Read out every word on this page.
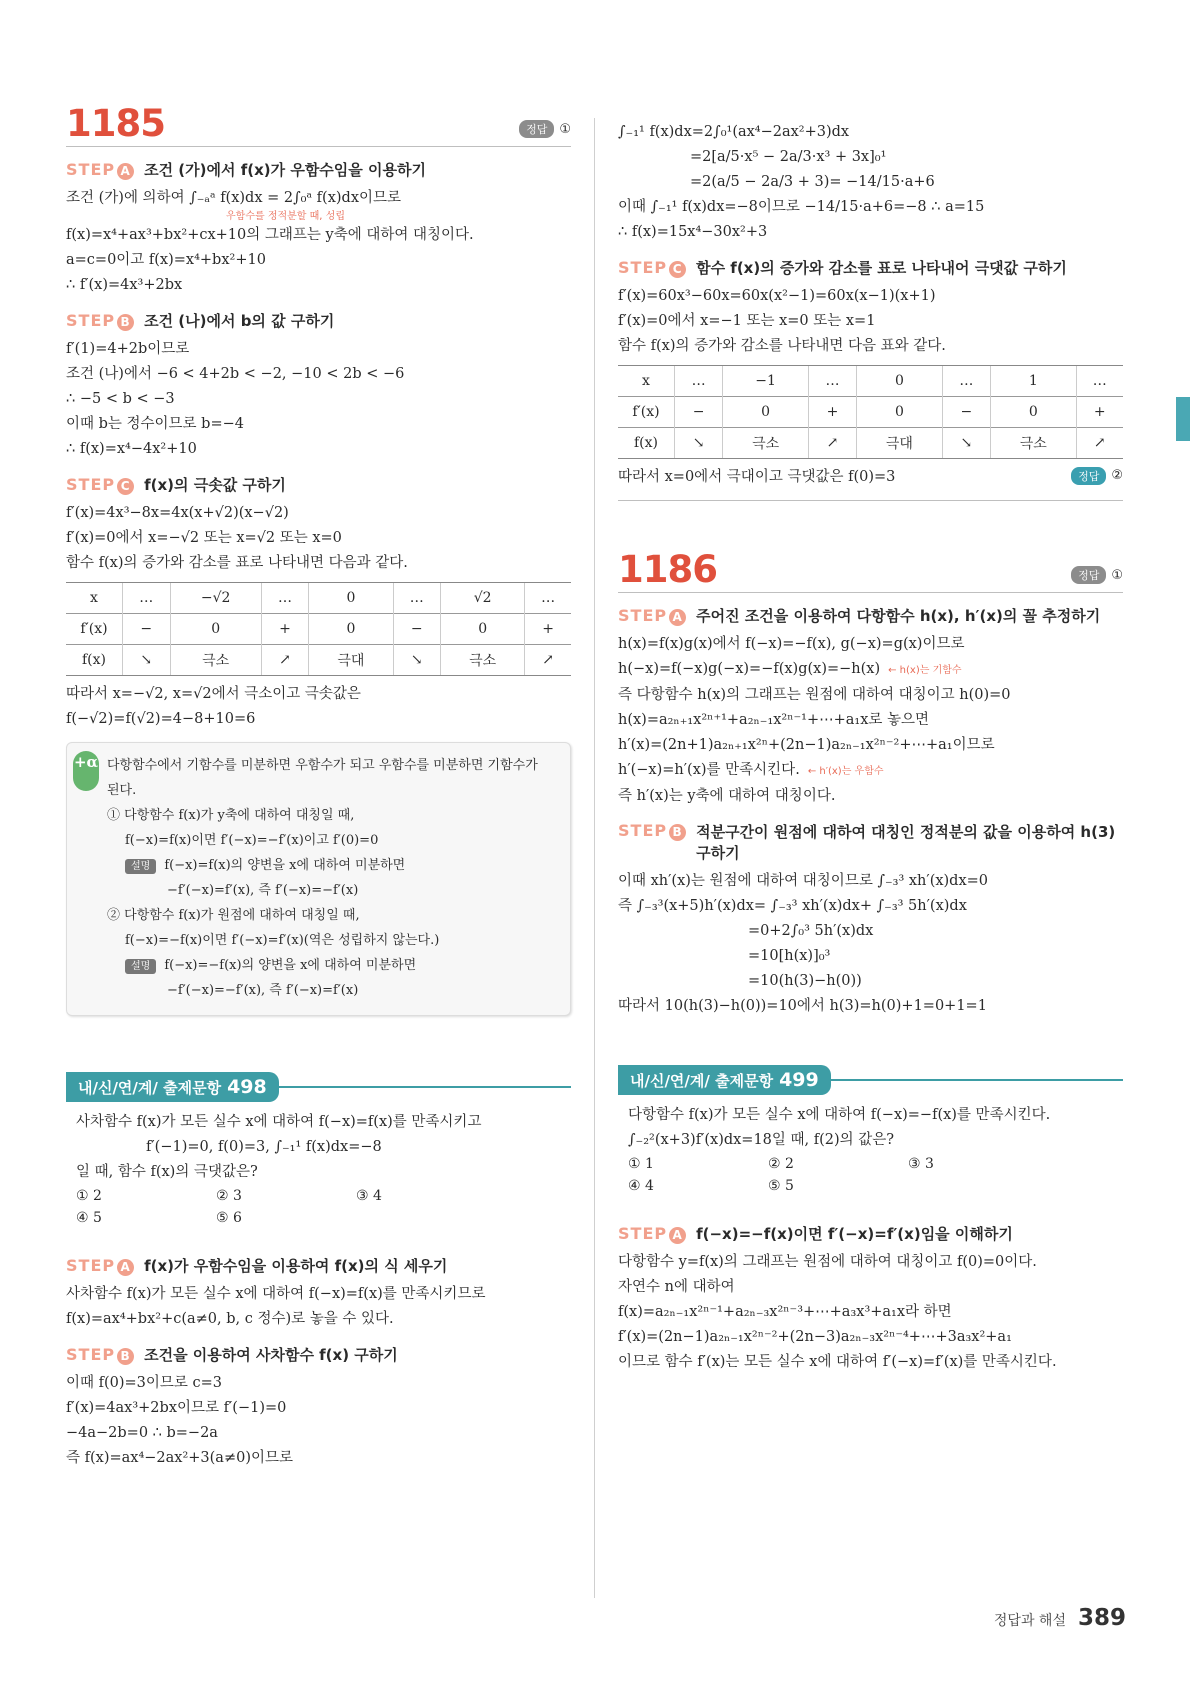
1185	정답 ①
STEP A 조건 (가)에서 f(x)가 우함수임을 이용하기
조건 (가)에 의하여 ∫₋ₐᵃ f(x)dx = 2∫₀ᵃ f(x)dx이므로
우함수를 정적분할 때, 성립
f(x)=x⁴+ax³+bx²+cx+10의 그래프는 y축에 대하여 대칭이다.
a=c=0이고 f(x)=x⁴+bx²+10
∴ f′(x)=4x³+2bx
STEP B 조건 (나)에서 b의 값 구하기
f′(1)=4+2b이므로
조건 (나)에서 −6 < 4+2b < −2, −10 < 2b < −6
∴ −5 < b < −3
이때 b는 정수이므로 b=−4
∴ f(x)=x⁴−4x²+10
STEP C f(x)의 극솟값 구하기
f′(x)=4x³−8x=4x(x+√2)(x−√2)
f′(x)=0에서 x=−√2 또는 x=√2 또는 x=0
함수 f(x)의 증가와 감소를 표로 나타내면 다음과 같다.
x	…	−√2	…	0	…	√2	…
f′(x)	−	0	+	0	−	0	+
f(x)	↘	극소	↗	극대	↘	극소	↗
따라서 x=−√2, x=√2에서 극소이고 극솟값은
f(−√2)=f(√2)=4−8+10=6
+α 다항함수에서 기함수를 미분하면 우함수가 되고 우함수를 미분하면 기함수가
된다.
① 다항함수 f(x)가 y축에 대하여 대칭일 때,
f(−x)=f(x)이면 f′(−x)=−f′(x)이고 f′(0)=0
설명 f(−x)=f(x)의 양변을 x에 대하여 미분하면
−f′(−x)=f′(x), 즉 f′(−x)=−f′(x)
② 다항함수 f(x)가 원점에 대하여 대칭일 때,
f(−x)=−f(x)이면 f′(−x)=f′(x)(역은 성립하지 않는다.)
설명 f(−x)=−f(x)의 양변을 x에 대하여 미분하면
−f′(−x)=−f′(x), 즉 f′(−x)=f′(x)
내/신/연/계/ 출제문항 498
사차함수 f(x)가 모든 실수 x에 대하여 f(−x)=f(x)를 만족시키고
f′(−1)=0, f(0)=3, ∫₋₁¹ f(x)dx=−8
일 때, 함수 f(x)의 극댓값은?
① 2	② 3	③ 4
④ 5	⑤ 6
STEP A f(x)가 우함수임을 이용하여 f(x)의 식 세우기
사차함수 f(x)가 모든 실수 x에 대하여 f(−x)=f(x)를 만족시키므로
f(x)=ax⁴+bx²+c(a≠0, b, c 정수)로 놓을 수 있다.
STEP B 조건을 이용하여 사차함수 f(x) 구하기
이때 f(0)=3이므로 c=3
f′(x)=4ax³+2bx이므로 f′(−1)=0
−4a−2b=0 ∴ b=−2a
즉 f(x)=ax⁴−2ax²+3(a≠0)이므로
∫₋₁¹ f(x)dx=2∫₀¹(ax⁴−2ax²+3)dx
=2[a/5·x⁵ − 2a/3·x³ + 3x]₀¹
=2(a/5 − 2a/3 + 3)= −14/15·a+6
이때 ∫₋₁¹ f(x)dx=−8이므로 −14/15·a+6=−8 ∴ a=15
∴ f(x)=15x⁴−30x²+3
STEP C 함수 f(x)의 증가와 감소를 표로 나타내어 극댓값 구하기
f′(x)=60x³−60x=60x(x²−1)=60x(x−1)(x+1)
f′(x)=0에서 x=−1 또는 x=0 또는 x=1
함수 f(x)의 증가와 감소를 나타내면 다음 표와 같다.
x	…	−1	…	0	…	1	…
f′(x)	−	0	+	0	−	0	+
f(x)	↘	극소	↗	극대	↘	극소	↗
따라서 x=0에서 극대이고 극댓값은 f(0)=3	정답 ②
1186	정답 ①
STEP A 주어진 조건을 이용하여 다항함수 h(x), h′(x)의 꼴 추정하기
h(x)=f(x)g(x)에서 f(−x)=−f(x), g(−x)=g(x)이므로
h(−x)=f(−x)g(−x)=−f(x)g(x)=−h(x) ← h(x)는 기함수
즉 다항함수 h(x)의 그래프는 원점에 대하여 대칭이고 h(0)=0
h(x)=a₂ₙ₊₁x²ⁿ⁺¹+a₂ₙ₋₁x²ⁿ⁻¹+⋯+a₁x로 놓으면
h′(x)=(2n+1)a₂ₙ₊₁x²ⁿ+(2n−1)a₂ₙ₋₁x²ⁿ⁻²+⋯+a₁이므로
h′(−x)=h′(x)를 만족시킨다. ← h′(x)는 우함수
즉 h′(x)는 y축에 대하여 대칭이다.
STEP B 적분구간이 원점에 대하여 대칭인 정적분의 값을 이용하여 h(3)
구하기
이때 xh′(x)는 원점에 대하여 대칭이므로 ∫₋₃³ xh′(x)dx=0
즉 ∫₋₃³(x+5)h′(x)dx= ∫₋₃³ xh′(x)dx+ ∫₋₃³ 5h′(x)dx
=0+2∫₀³ 5h′(x)dx
=10[h(x)]₀³
=10(h(3)−h(0))
따라서 10(h(3)−h(0))=10에서 h(3)=h(0)+1=0+1=1
내/신/연/계/ 출제문항 499
다항함수 f(x)가 모든 실수 x에 대하여 f(−x)=−f(x)를 만족시킨다.
∫₋₂²(x+3)f′(x)dx=18일 때, f(2)의 값은?
① 1	② 2	③ 3
④ 4	⑤ 5
STEP A f(−x)=−f(x)이면 f′(−x)=f′(x)임을 이해하기
다항함수 y=f(x)의 그래프는 원점에 대하여 대칭이고 f(0)=0이다.
자연수 n에 대하여
f(x)=a₂ₙ₋₁x²ⁿ⁻¹+a₂ₙ₋₃x²ⁿ⁻³+⋯+a₃x³+a₁x라 하면
f′(x)=(2n−1)a₂ₙ₋₁x²ⁿ⁻²+(2n−3)a₂ₙ₋₃x²ⁿ⁻⁴+⋯+3a₃x²+a₁
이므로 함수 f′(x)는 모든 실수 x에 대하여 f′(−x)=f′(x)를 만족시킨다.
정답과 해설 389
